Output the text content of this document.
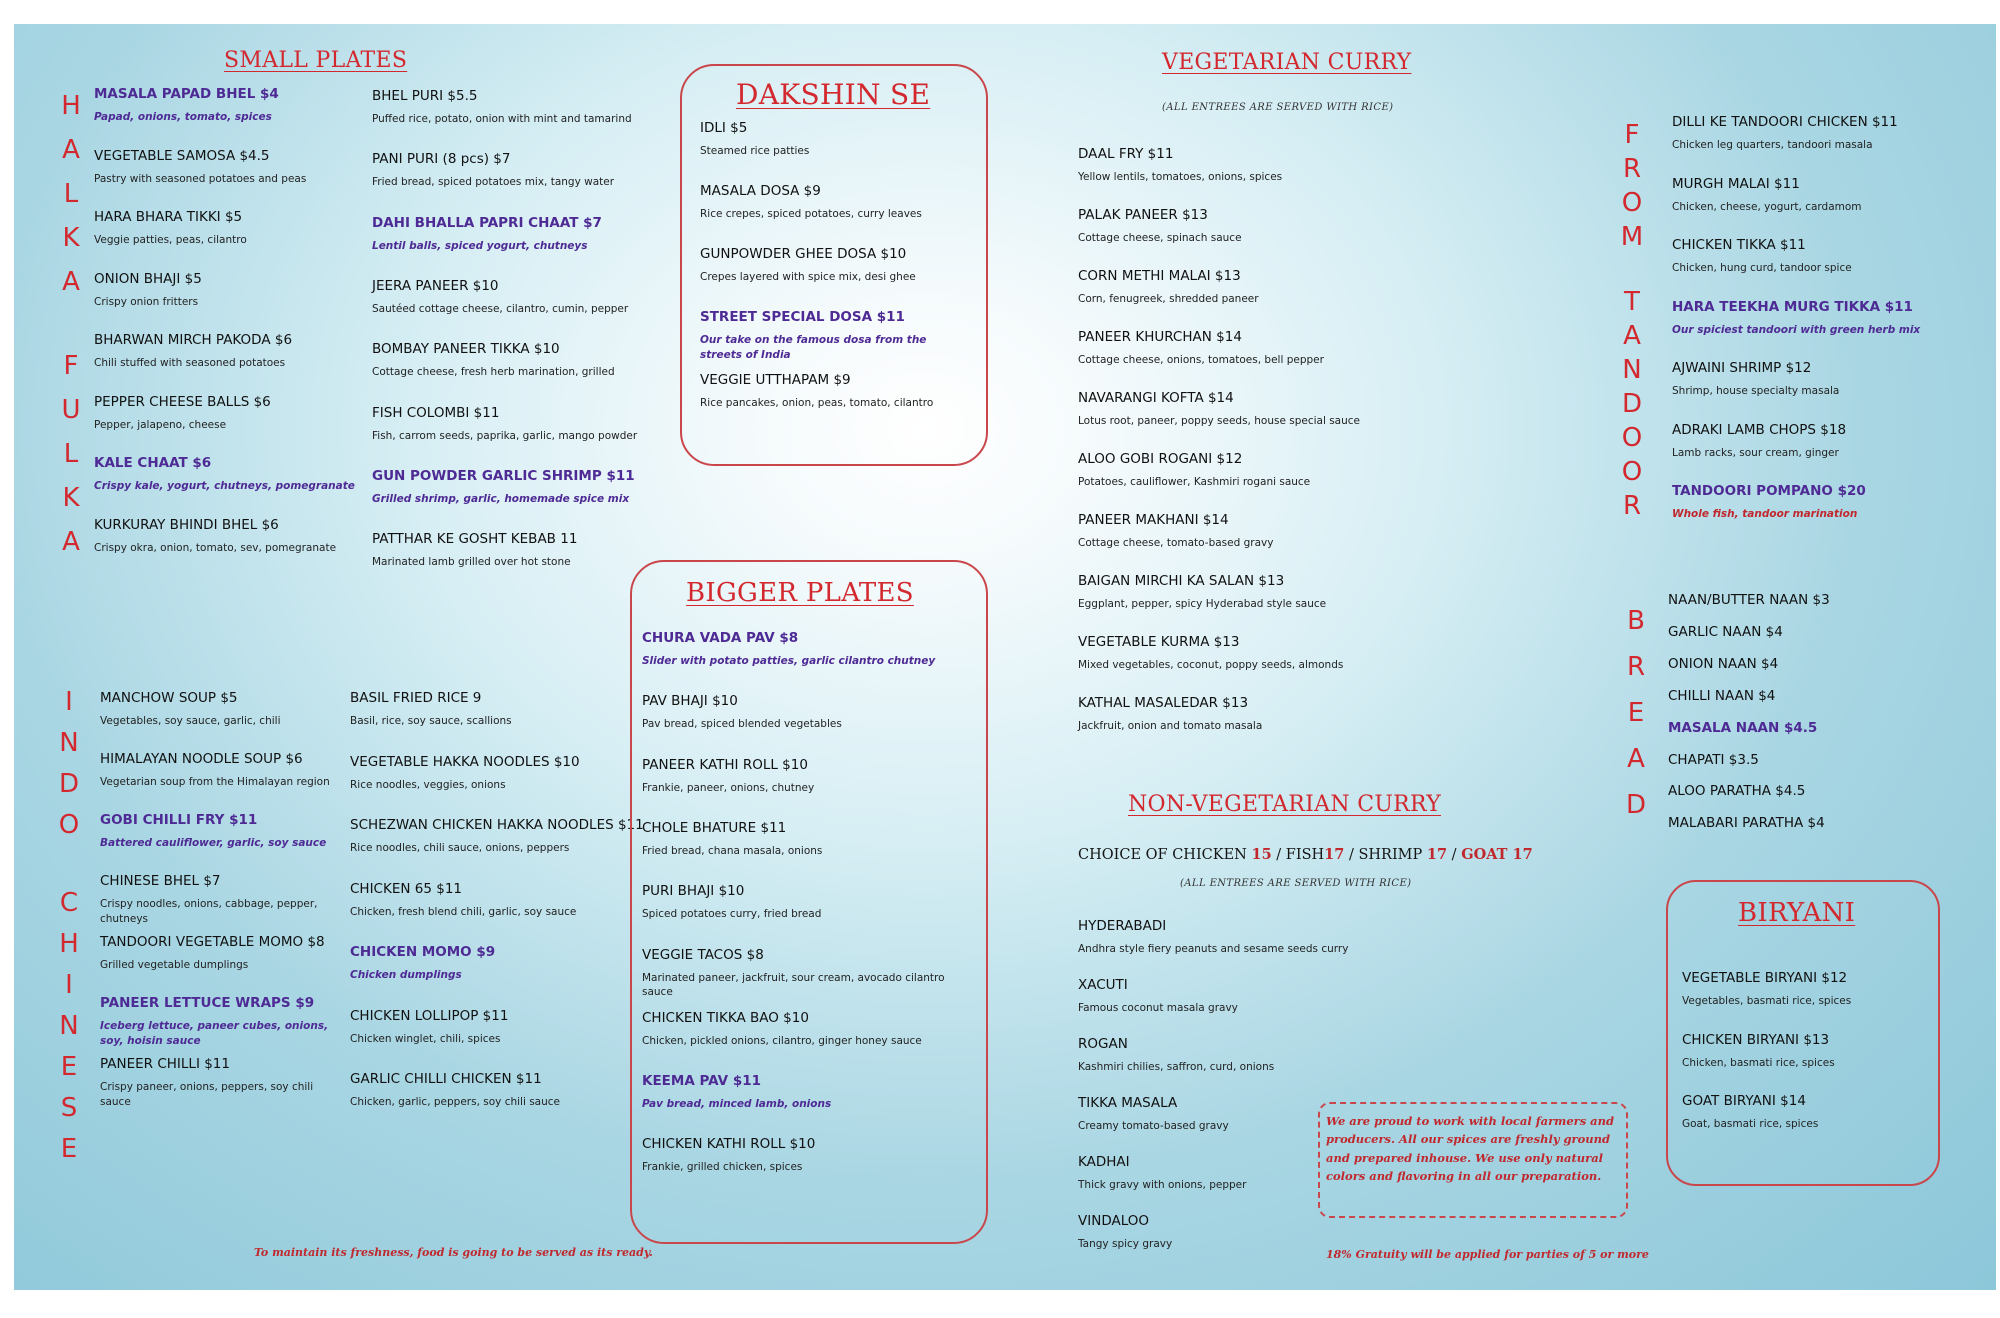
H
A
L
K
A
F
U
L
K
A
I
N
D
O
C
H
I
N
E
S
E
F
R
O
M
T
A
N
D
O
O
R
B
R
E
A
D
SMALL PLATES
MASALA PAPAD BHEL $4
Papad, onions, tomato, spices
VEGETABLE SAMOSA $4.5
Pastry with seasoned potatoes and peas
HARA BHARA TIKKI $5
Veggie patties, peas, cilantro
ONION BHAJI $5
Crispy onion fritters
BHARWAN MIRCH PAKODA $6
Chili stuffed with seasoned potatoes
PEPPER CHEESE BALLS $6
Pepper, jalapeno, cheese
KALE CHAAT $6
Crispy kale, yogurt, chutneys, pomegranate
KURKURAY BHINDI BHEL $6
Crispy okra, onion, tomato, sev, pomegranate
BHEL PURI $5.5
Puffed rice, potato, onion with mint and tamarind
PANI PURI (8 pcs) $7
Fried bread, spiced potatoes mix, tangy water
DAHI BHALLA PAPRI CHAAT $7
Lentil balls, spiced yogurt, chutneys
JEERA PANEER $10
Sautéed cottage cheese, cilantro, cumin, pepper
BOMBAY PANEER TIKKA $10
Cottage cheese, fresh herb marination, grilled
FISH COLOMBI $11
Fish, carrom seeds, paprika, garlic, mango powder
GUN POWDER GARLIC SHRIMP $11
Grilled shrimp, garlic, homemade spice mix
PATTHAR KE GOSHT KEBAB 11
Marinated lamb grilled over hot stone
MANCHOW SOUP $5
Vegetables, soy sauce, garlic, chili
HIMALAYAN NOODLE SOUP $6
Vegetarian soup from the Himalayan region
GOBI CHILLI FRY $11
Battered cauliflower, garlic, soy sauce
CHINESE BHEL $7
Crispy noodles, onions, cabbage, pepper, chutneys
TANDOORI VEGETABLE MOMO $8
Grilled vegetable dumplings
PANEER LETTUCE WRAPS $9
Iceberg lettuce, paneer cubes, onions, soy, hoisin sauce
PANEER CHILLI $11
Crispy paneer, onions, peppers, soy chili sauce
BASIL FRIED RICE 9
Basil, rice, soy sauce, scallions
VEGETABLE HAKKA NOODLES $10
Rice noodles, veggies, onions
SCHEZWAN CHICKEN HAKKA NOODLES $11
Rice noodles, chili sauce, onions, peppers
CHICKEN 65 $11
Chicken, fresh blend chili, garlic, soy sauce
CHICKEN MOMO $9
Chicken dumplings
CHICKEN LOLLIPOP $11
Chicken winglet, chili, spices
GARLIC CHILLI CHICKEN $11
Chicken, garlic, peppers, soy chili sauce
DAKSHIN SE
IDLI $5
Steamed rice patties
MASALA DOSA $9
Rice crepes, spiced potatoes, curry leaves
GUNPOWDER GHEE DOSA $10
Crepes layered with spice mix, desi ghee
STREET SPECIAL DOSA $11
Our take on the famous dosa from the streets of India
VEGGIE UTTHAPAM $9
Rice pancakes, onion, peas, tomato, cilantro
BIGGER PLATES
CHURA VADA PAV $8
Slider with potato patties, garlic cilantro chutney
PAV BHAJI $10
Pav bread, spiced blended vegetables
PANEER KATHI ROLL $10
Frankie, paneer, onions, chutney
CHOLE BHATURE $11
Fried bread, chana masala, onions
PURI BHAJI $10
Spiced potatoes curry, fried bread
VEGGIE TACOS $8
Marinated paneer, jackfruit, sour cream, avocado cilantro sauce
CHICKEN TIKKA BAO $10
Chicken, pickled onions, cilantro, ginger honey sauce
KEEMA PAV $11
Pav bread, minced lamb, onions
CHICKEN KATHI ROLL $10
Frankie, grilled chicken, spices
VEGETARIAN CURRY
(ALL ENTREES ARE SERVED WITH RICE)
DAAL FRY $11
Yellow lentils, tomatoes, onions, spices
PALAK PANEER $13
Cottage cheese, spinach sauce
CORN METHI MALAI $13
Corn, fenugreek, shredded paneer
PANEER KHURCHAN $14
Cottage cheese, onions, tomatoes, bell pepper
NAVARANGI KOFTA $14
Lotus root, paneer, poppy seeds, house special sauce
ALOO GOBI ROGANI $12
Potatoes, cauliflower, Kashmiri rogani sauce
PANEER MAKHANI $14
Cottage cheese, tomato-based gravy
BAIGAN MIRCHI KA SALAN $13
Eggplant, pepper, spicy Hyderabad style sauce
VEGETABLE KURMA $13
Mixed vegetables, coconut, poppy seeds, almonds
KATHAL MASALEDAR $13
Jackfruit, onion and tomato masala
NON-VEGETARIAN CURRY
CHOICE OF CHICKEN 15 / FISH17 / SHRIMP 17 / GOAT 17
(ALL ENTREES ARE SERVED WITH RICE)
HYDERABADI
Andhra style fiery peanuts and sesame seeds curry
XACUTI
Famous coconut masala gravy
ROGAN
Kashmiri chilies, saffron, curd, onions
TIKKA MASALA
Creamy tomato-based gravy
KADHAI
Thick gravy with onions, pepper
VINDALOO
Tangy spicy gravy
DILLI KE TANDOORI CHICKEN $11
Chicken leg quarters, tandoori masala
MURGH MALAI $11
Chicken, cheese, yogurt, cardamom
CHICKEN TIKKA $11
Chicken, hung curd, tandoor spice
HARA TEEKHA MURG TIKKA $11
Our spiciest tandoori with green herb mix
AJWAINI SHRIMP $12
Shrimp, house specialty masala
ADRAKI LAMB CHOPS $18
Lamb racks, sour cream, ginger
TANDOORI POMPANO $20
Whole fish, tandoor marination
NAAN/BUTTER NAAN $3
GARLIC NAAN $4
ONION NAAN $4
CHILLI NAAN $4
MASALA NAAN $4.5
CHAPATI $3.5
ALOO PARATHA $4.5
MALABARI PARATHA $4
BIRYANI
VEGETABLE BIRYANI $12
Vegetables, basmati rice, spices
CHICKEN BIRYANI $13
Chicken, basmati rice, spices
GOAT BIRYANI $14
Goat, basmati rice, spices
We are proud to work with local farmers and producers. All our spices are freshly ground and prepared inhouse. We use only natural colors and flavoring in all our preparation.
To maintain its freshness, food is going to be served as its ready.	18% Gratuity will be applied for parties of 5 or more
